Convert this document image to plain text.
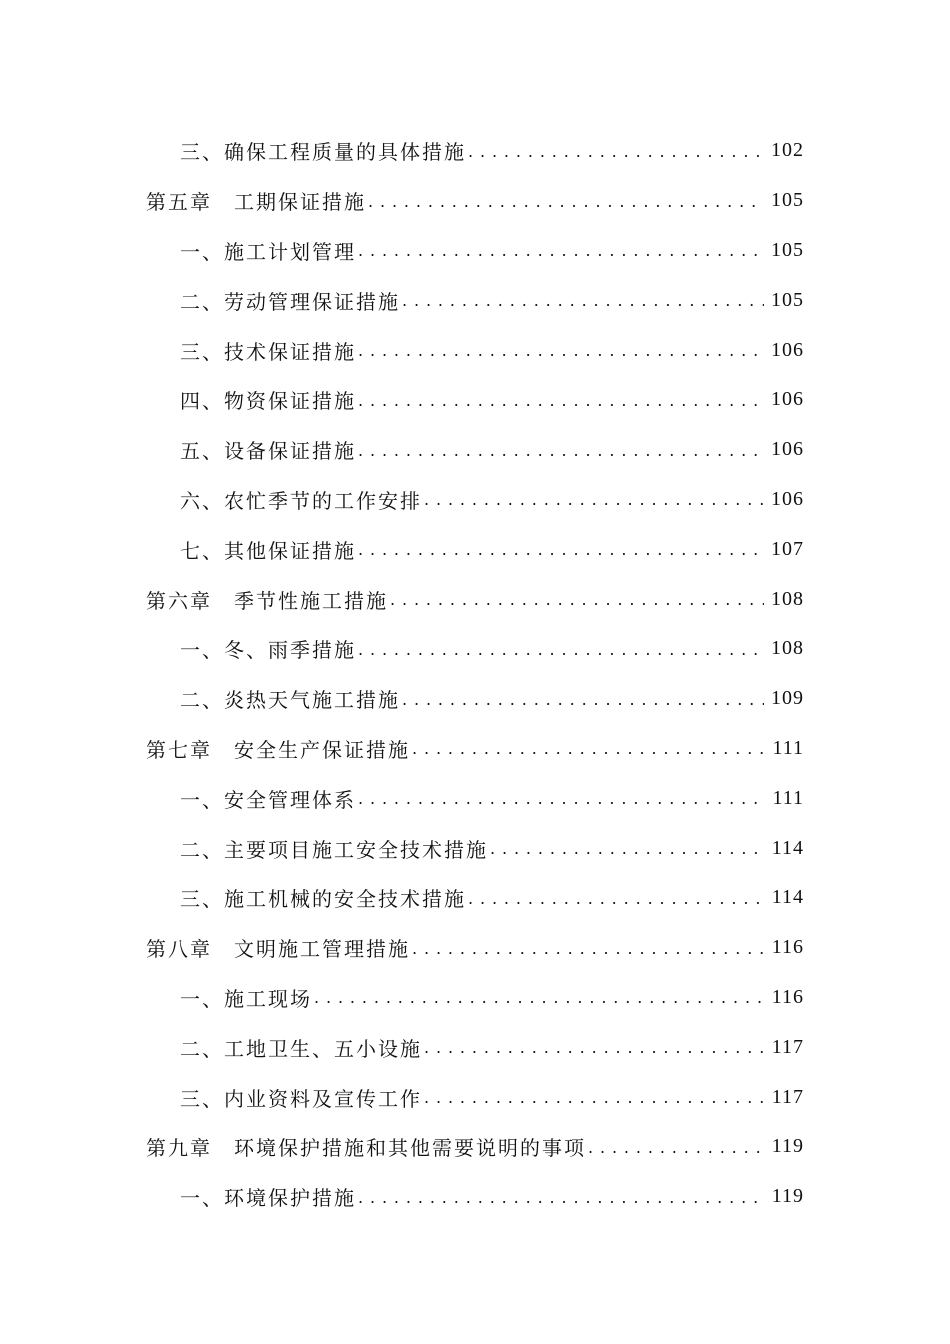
三、确保工程质量的具体措施 . . .	102
第五章　工期保证措施 . . .	105
一、施工计划管理 . . .	105
二、劳动管理保证措施 . . .	105
三、技术保证措施 . . .	106
四、物资保证措施 . . .	106
五、设备保证措施 . . .	106
六、农忙季节的工作安排 . . .	106
七、其他保证措施 . . .	107
第六章　季节性施工措施 . . .	108
一、冬、雨季措施 . . .	108
二、炎热天气施工措施 . . .	109
第七章　安全生产保证措施 . . .	111
一、安全管理体系 . . .	111
二、主要项目施工安全技术措施 . . .	114
三、施工机械的安全技术措施 . . .	114
第八章　文明施工管理措施 . . .	116
一、施工现场 . . .	116
二、工地卫生、五小设施 . . .	117
三、内业资料及宣传工作 . . .	117
第九章　环境保护措施和其他需要说明的事项 . . .	119
一、环境保护措施 . . .	119
